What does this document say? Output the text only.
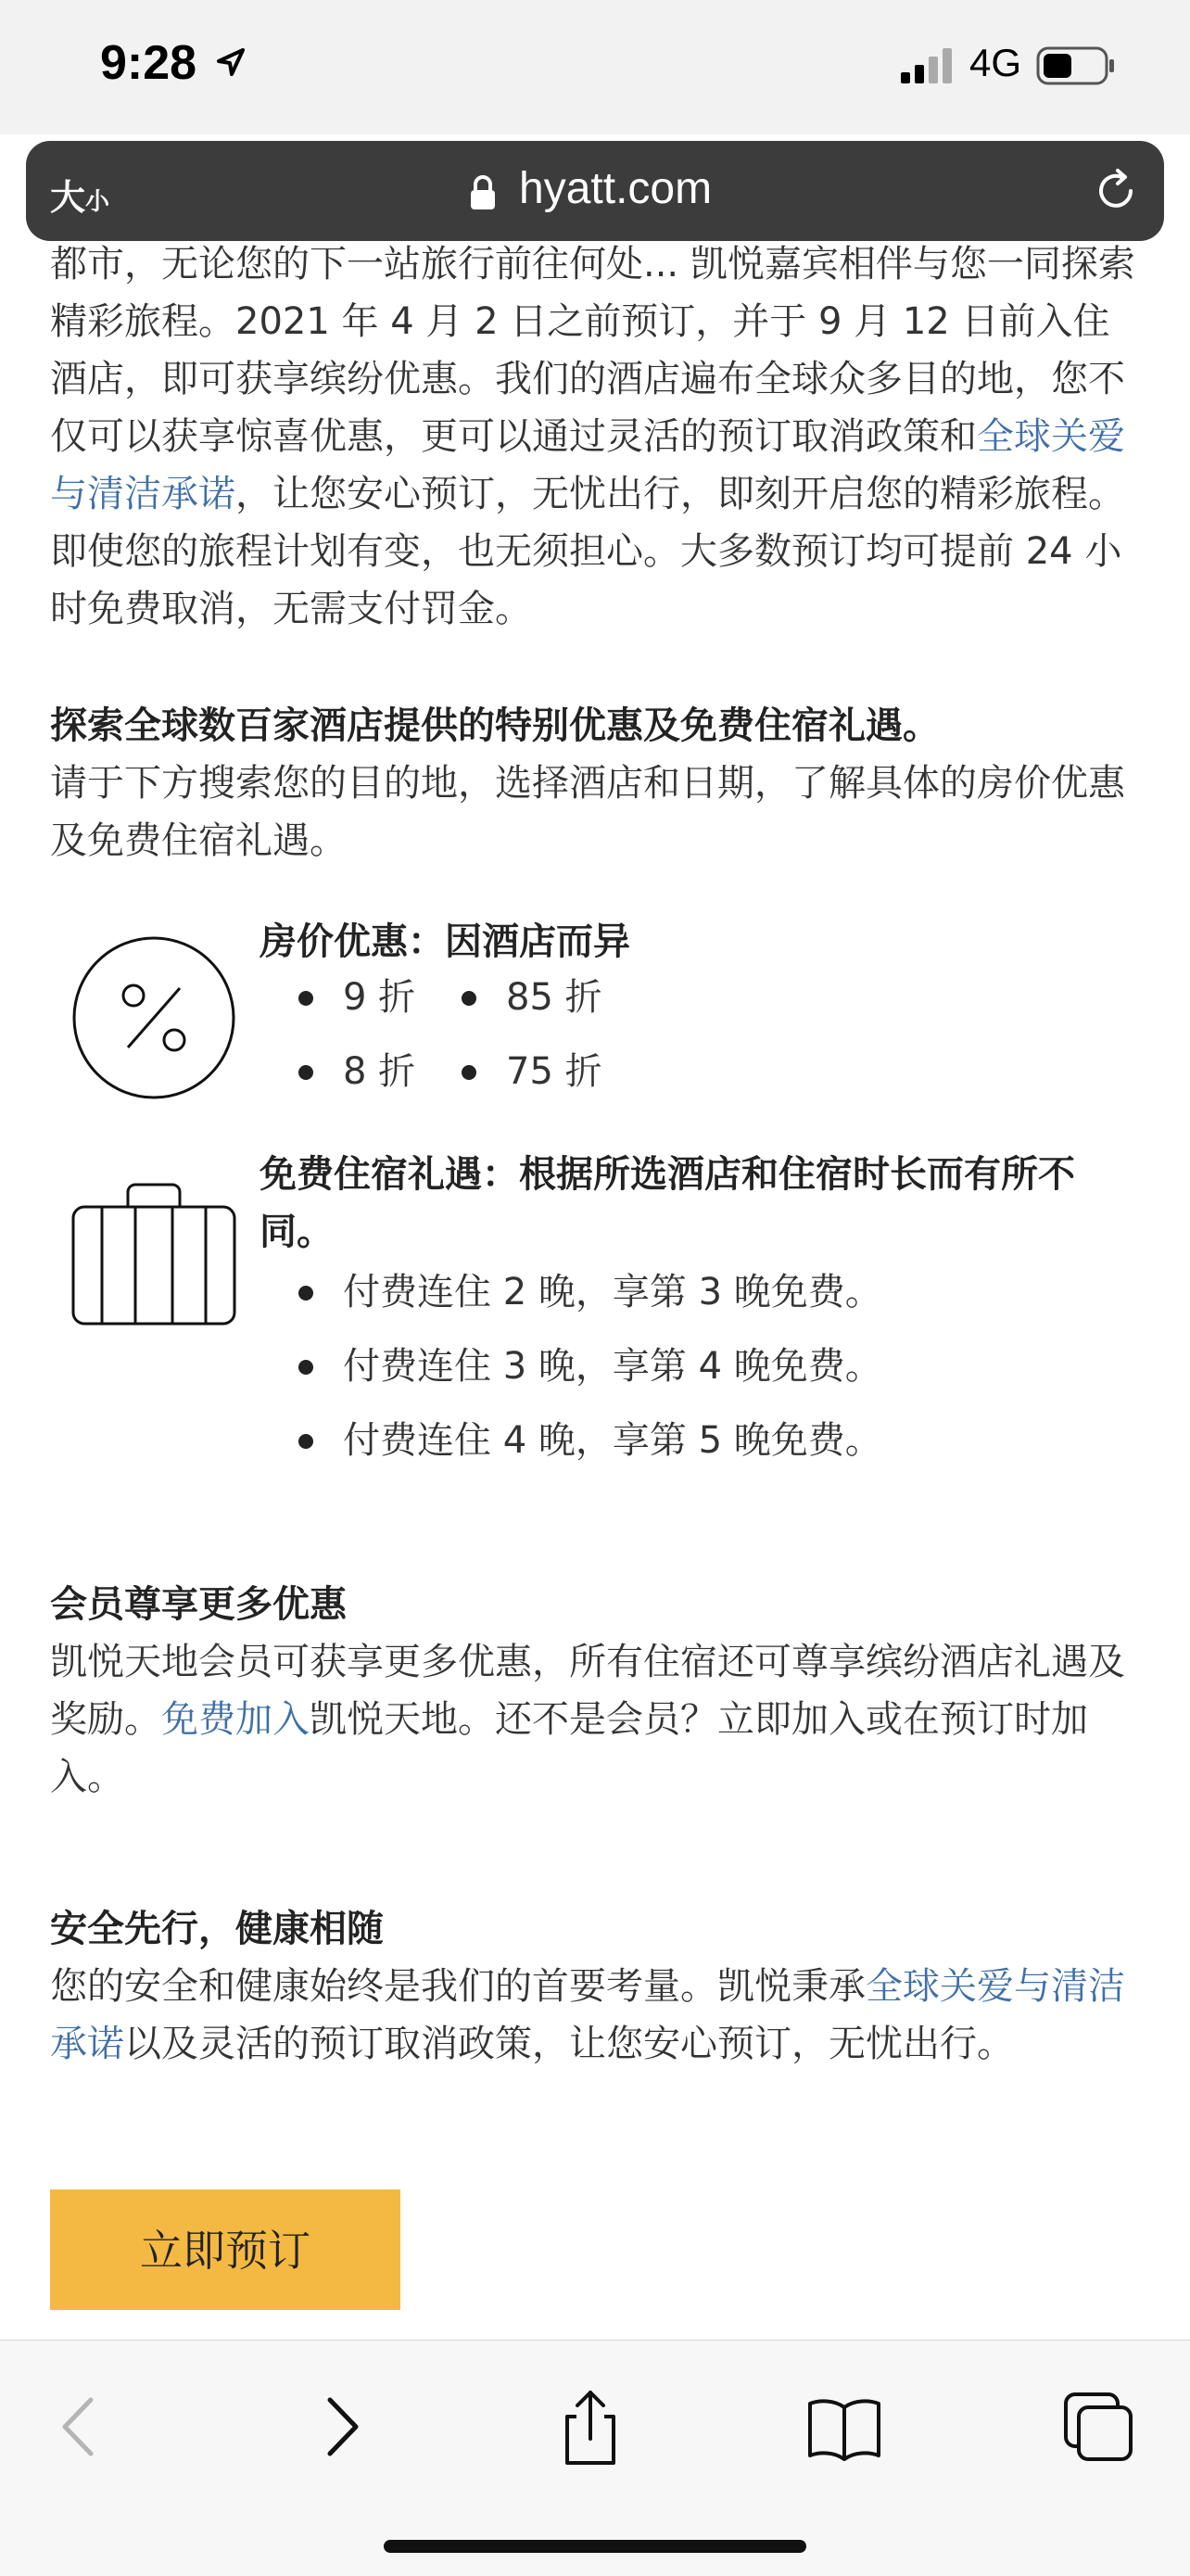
9:28	4G
大小	hyatt.com
都市，无论您的下一站旅行前往何处... 凯悦嘉宾相伴与您一同探索精彩旅程。2021 年 4 月 2 日之前预订，并于 9 月 12 日前入住酒店，即可获享缤纷优惠。我们的酒店遍布全球众多目的地，您不仅可以获享惊喜优惠，更可以通过灵活的预订取消政策和全球关爱与清洁承诺，让您安心预订，无忧出行，即刻开启您的精彩旅程。即使您的旅程计划有变，也无须担心。大多数预订均可提前 24 小时免费取消，无需支付罚金。
探索全球数百家酒店提供的特别优惠及免费住宿礼遇。
请于下方搜索您的目的地，选择酒店和日期，了解具体的房价优惠及免费住宿礼遇。
房价优惠：因酒店而异
9 折 85 折
8 折 75 折
免费住宿礼遇：根据所选酒店和住宿时长而有所不同。
付费连住 2 晚，享第 3 晚免费。
付费连住 3 晚，享第 4 晚免费。
付费连住 4 晚，享第 5 晚免费。
会员尊享更多优惠
凯悦天地会员可获享更多优惠，所有住宿还可尊享缤纷酒店礼遇及奖励。免费加入凯悦天地。还不是会员？立即加入或在预订时加入。
安全先行，健康相随
您的安全和健康始终是我们的首要考量。凯悦秉承全球关爱与清洁承诺以及灵活的预订取消政策，让您安心预订，无忧出行。
立即预订
